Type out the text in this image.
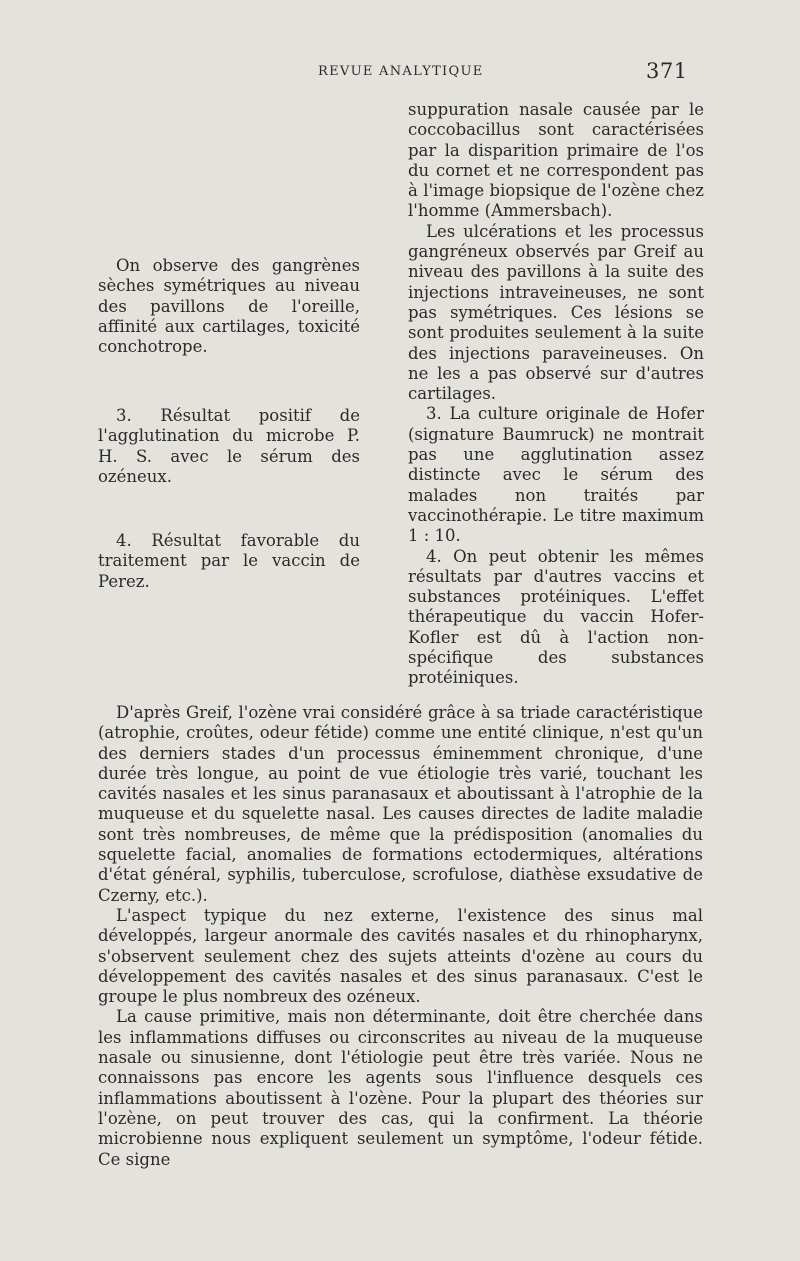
REVUE ANALYTIQUE	371

On observe des gangrènes sèches symétriques au niveau des pavillons de l'oreille, affinité aux cartilages, toxicité conchotrope.

3. Résultat positif de l'agglutination du microbe P. H. S. avec le sérum des ozéneux.

4. Résultat favorable du traitement par le vaccin de Perez.

suppuration nasale causée par le coccobacillus sont caractérisées par la disparition primaire de l'os du cornet et ne correspondent pas à l'image biopsique de l'ozène chez l'homme (Ammersbach).

Les ulcérations et les processus gangréneux observés par Greif au niveau des pavillons à la suite des injections intraveineuses, ne sont pas symétriques. Ces lésions se sont produites seulement à la suite des injections paraveineuses. On ne les a pas observé sur d'autres cartilages.

3. La culture originale de Hofer (signature Baumruck) ne montrait pas une agglutination assez distincte avec le sérum des malades non traités par vaccinothérapie. Le titre maximum 1 : 10.

4. On peut obtenir les mêmes résultats par d'autres vaccins et substances protéiniques. L'effet thérapeutique du vaccin Hofer-Kofler est dû à l'action non-spécifique des substances protéiniques.

D'après Greif, l'ozène vrai considéré grâce à sa triade caractéristique (atrophie, croûtes, odeur fétide) comme une entité clinique, n'est qu'un des derniers stades d'un processus éminemment chronique, d'une durée très longue, au point de vue étiologie très varié, touchant les cavités nasales et les sinus paranasaux et aboutissant à l'atrophie de la muqueuse et du squelette nasal. Les causes directes de ladite maladie sont très nombreuses, de même que la prédisposition (anomalies du squelette facial, anomalies de formations ectodermiques, altérations d'état général, syphilis, tuberculose, scrofulose, diathèse exsudative de Czerny, etc.).

L'aspect typique du nez externe, l'existence des sinus mal développés, largeur anormale des cavités nasales et du rhinopharynx, s'observent seulement chez des sujets atteints d'ozène au cours du développement des cavités nasales et des sinus paranasaux. C'est le groupe le plus nombreux des ozéneux.

La cause primitive, mais non déterminante, doit être cherchée dans les inflammations diffuses ou circonscrites au niveau de la muqueuse nasale ou sinusienne, dont l'étiologie peut être très variée. Nous ne connaissons pas encore les agents sous l'influence desquels ces inflammations aboutissent à l'ozène. Pour la plupart des théories sur l'ozène, on peut trouver des cas, qui la confirment. La théorie microbienne nous expliquent seulement un symptôme, l'odeur fétide. Ce signe
